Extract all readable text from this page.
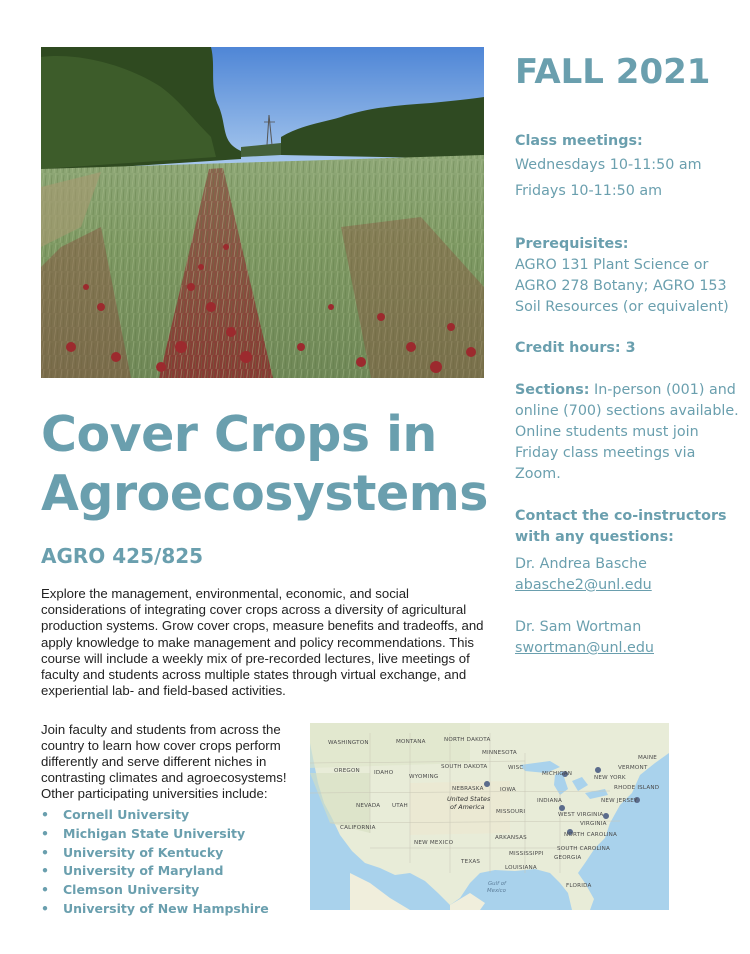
Cover Crops in
Agroecosystems
AGRO 425/825

Explore the management, environmental, economic, and social considerations of integrating cover crops across a diversity of agricultural production systems. Grow cover crops, measure benefits and tradeoffs, and apply knowledge to make management and policy recommendations. This course will include a weekly mix of pre-recorded lectures, live meetings of faculty and students across multiple states through virtual exchange, and experiential lab- and field-based activities.

Join faculty and students from across the country to learn how cover crops perform differently and serve different niches in contrasting climates and agroecosystems! Other participating universities include:

• Cornell University
• Michigan State University
• University of Kentucky
• University of Maryland
• Clemson University
• University of New Hampshire
WASHINGTON	MONTANA	NORTH DAKOTA
MINNESOTA
OREGON	IDAHO
WYOMING
SOUTH DAKOTA	WISC
MICHIGAN
MAINE
VERMONT
NEW YORK
NEBRASKA	IOWA	RHODE ISLAND
NEVADA UTAH
United States
of America
INDIANA	NEW JERSEY
CALIFORNIA
MISSOURI	WEST VIRGINIA
VIRGINIA
NORTH CAROLINA
ARKANSAS
NEW MEXICO
MISSISSIPPI
SOUTH CAROLINA
GEORGIA
TEXAS
LOUISIANA
Gulf of
Mexico
FLORIDA
FALL 2021
Class meetings:
Wednesdays 10-11:50 am
Fridays 10-11:50 am
Prerequisites:
AGRO 131 Plant Science or AGRO 278 Botany; AGRO 153 Soil Resources (or equivalent)
Credit hours: 3
Sections: In-person (001) and online (700) sections available. Online students must join Friday class meetings via Zoom.
Contact the co-instructors with any questions:
Dr. Andrea Basche
abasche2@unl.edu
Dr. Sam Wortman
swortman@unl.edu
